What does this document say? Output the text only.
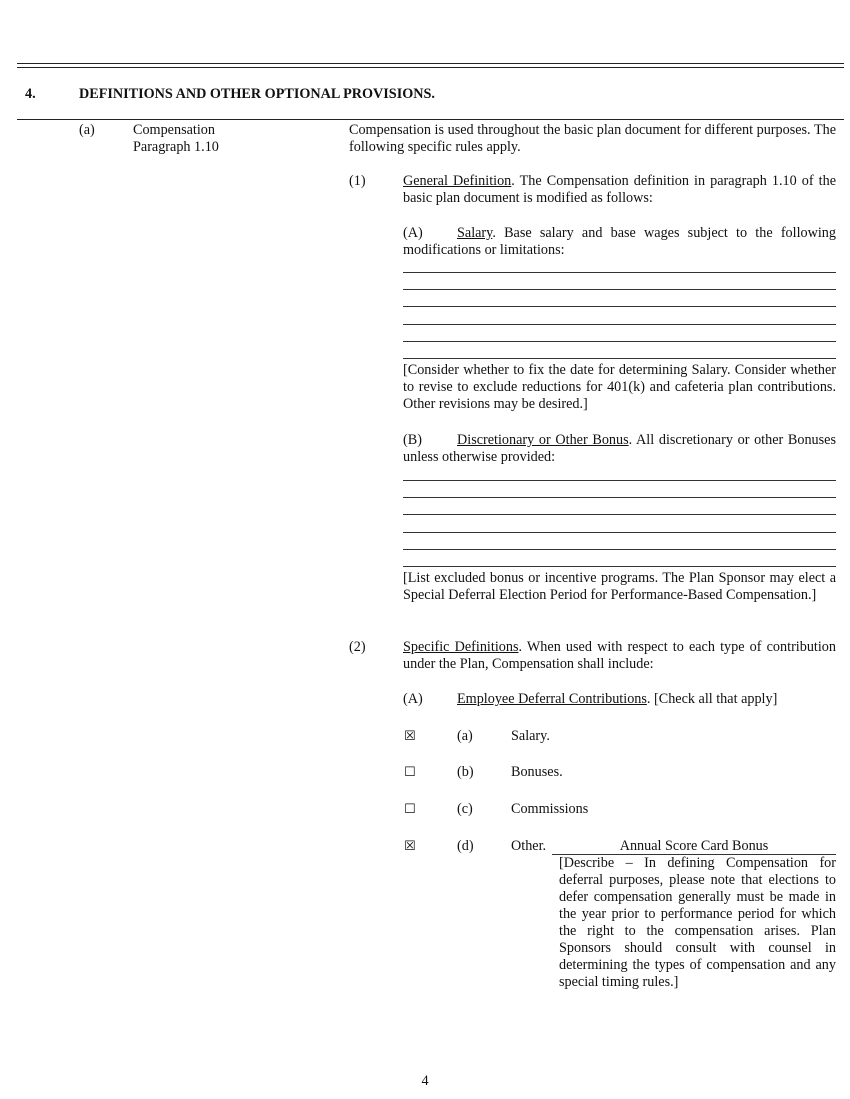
4.	DEFINITIONS AND OTHER OPTIONAL PROVISIONS.
(a)	Compensation
Paragraph 1.10
Compensation is used throughout the basic plan document for different purposes. The following specific rules apply.
(1)	General Definition. The Compensation definition in paragraph 1.10 of the basic plan document is modified as follows:
(A) Salary. Base salary and base wages subject to the following modifications or limitations:
[Consider whether to fix the date for determining Salary. Consider whether to revise to exclude reductions for 401(k) and cafeteria plan contributions. Other revisions may be desired.]
(B) Discretionary or Other Bonus. All discretionary or other Bonuses unless otherwise provided:
[List excluded bonus or incentive programs. The Plan Sponsor may elect a Special Deferral Election Period for Performance-Based Compensation.]
(2)	Specific Definitions. When used with respect to each type of contribution under the Plan, Compensation shall include:
(A) Employee Deferral Contributions. [Check all that apply]
☒	(a)	Salary.
☐	(b)	Bonuses.
☐	(c)	Commissions
☒	(d)	Other.	Annual Score Card Bonus
[Describe – In defining Compensation for deferral purposes, please note that elections to defer compensation generally must be made in the year prior to performance period for which the right to the compensation arises. Plan Sponsors should consult with counsel in determining the types of compensation and any special timing rules.]
4
